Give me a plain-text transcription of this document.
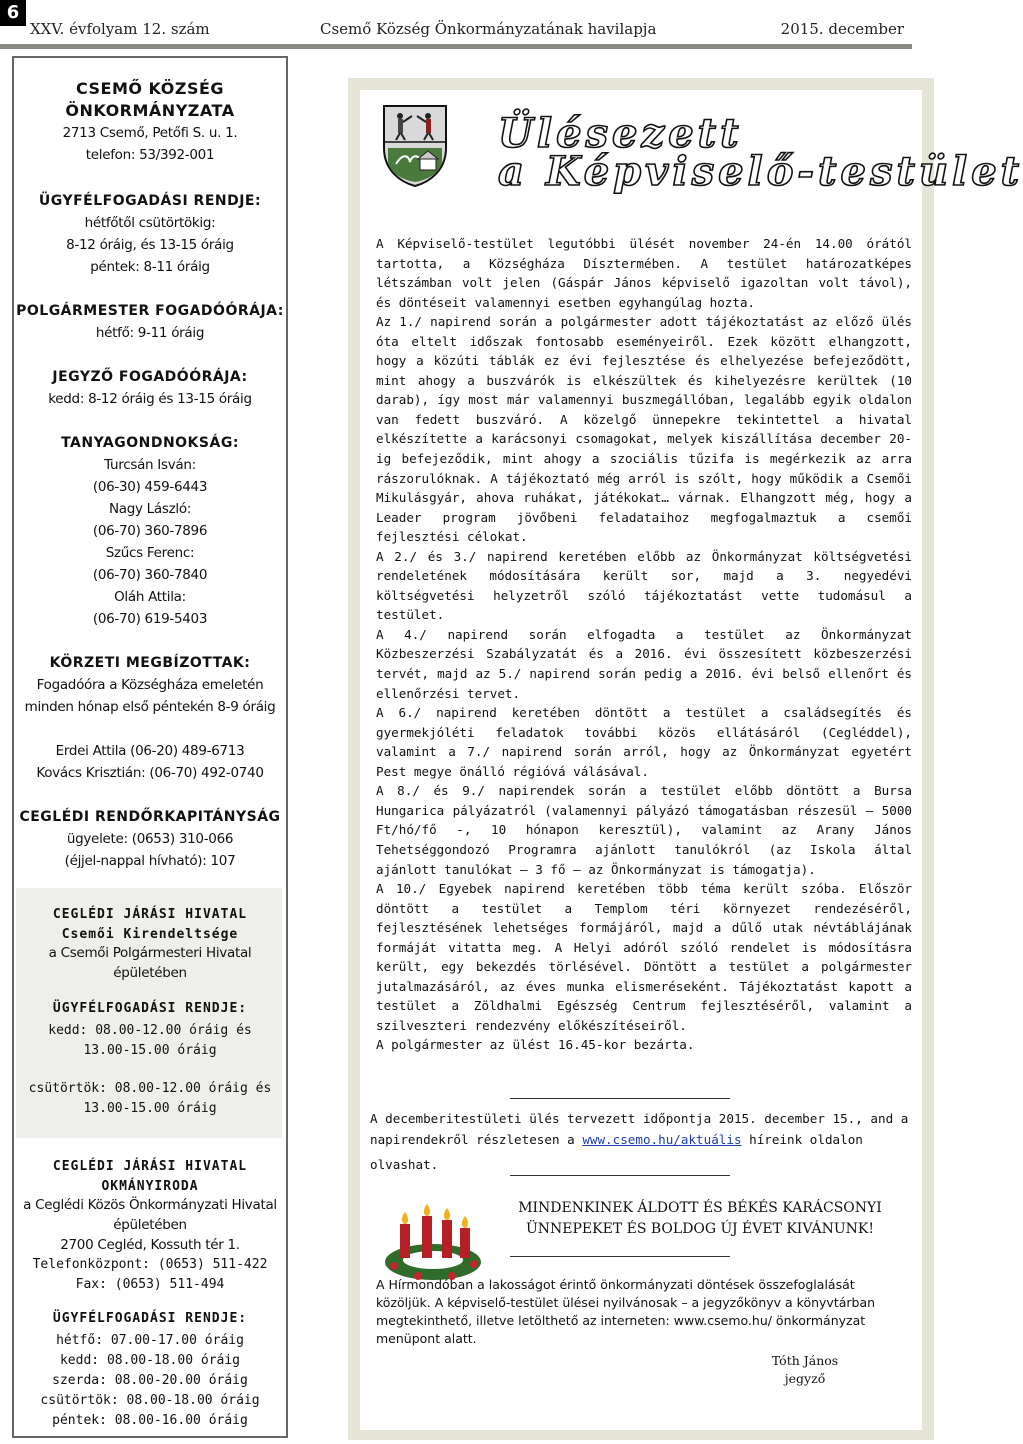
6
XXV. évfolyam 12. szám	Csemő Község Önkormányzatának havilapja	2015. december
CSEMŐ KÖZSÉG
ÖNKORMÁNYZATA
2713 Csemő, Petőfi S. u. 1.
telefon: 53/392-001
ÜGYFÉLFOGADÁSI RENDJE:
hétfőtől csütörtökig:
8-12 óráig, és 13-15 óráig
péntek: 8-11 óráig
POLGÁRMESTER FOGADÓÓRÁJA:
hétfő: 9-11 óráig
JEGYZŐ FOGADÓÓRÁJA:
kedd: 8-12 óráig és 13-15 óráig
TANYAGONDNOKSÁG:
Turcsán Isván:
(06-30) 459-6443
Nagy László:
(06-70) 360-7896
Szűcs Ferenc:
(06-70) 360-7840
Oláh Attila:
(06-70) 619-5403
KÖRZETI MEGBÍZOTTAK:
Fogadóóra a Községháza emeletén
minden hónap első péntekén 8-9 óráig
Erdei Attila (06-20) 489-6713
Kovács Krisztián: (06-70) 492-0740
CEGLÉDI RENDŐRKAPITÁNYSÁG
ügyelete: (0653) 310-066
(éjjel-nappal hívható): 107
CEGLÉDI JÁRÁSI HIVATAL
Csemői Kirendeltsége
a Csemői Polgármesteri Hivatal
épületében
ÜGYFÉLFOGADÁSI RENDJE:
kedd: 08.00-12.00 óráig és
13.00-15.00 óráig
csütörtök: 08.00-12.00 óráig és
13.00-15.00 óráig
CEGLÉDI JÁRÁSI HIVATAL
OKMÁNYIRODA
a Ceglédi Közös Önkormányzati Hivatal
épületében
2700 Cegléd, Kossuth tér 1.
Telefonközpont: (0653) 511-422
Fax: (0653) 511-494
ÜGYFÉLFOGADÁSI RENDJE:
hétfő: 07.00-17.00 óráig
kedd: 08.00-18.00 óráig
szerda: 08.00-20.00 óráig
csütörtök: 08.00-18.00 óráig
péntek: 08.00-16.00 óráig
Ülésezett
a Képviselő-testület

A Képviselő-testület legutóbbi ülését november 24-én 14.00 órától tartotta, a Községháza Dísztermében. A testület határozatképes létszámban volt jelen (Gáspár János képviselő igazoltan volt távol), és döntéseit valamennyi esetben egyhangúlag hozta.

Az 1./ napirend során a polgármester adott tájékoztatást az előző ülés óta eltelt időszak fontosabb eseményeiről. Ezek között elhangzott, hogy a közúti táblák ez évi fejlesztése és elhelyezése befejeződött, mint ahogy a buszvárók is elkészültek és kihelyezésre kerültek (10 darab), így most már valamennyi buszmegállóban, legalább egyik oldalon van fedett buszváró. A közelgő ünnepekre tekintettel a hivatal elkészítette a karácsonyi csomagokat, melyek kiszállítása december 20-ig befejeződik, mint ahogy a szociális tűzifa is megérkezik az arra rászorulóknak. A tájékoztató még arról is szólt, hogy működik a Csemői Mikulásgyár, ahova ruhákat, játékokat… várnak. Elhangzott még, hogy a Leader program jövőbeni feladataihoz megfogalmaztuk a csemői fejlesztési célokat.

A 2./ és 3./ napirend keretében előbb az Önkormányzat költségvetési rendeletének módosítására került sor, majd a 3. negyedévi költségvetési helyzetről szóló tájékoztatást vette tudomásul a testület.

A 4./ napirend során elfogadta a testület az Önkormányzat Közbeszerzési Szabályzatát és a 2016. évi összesített közbeszerzési tervét, majd az 5./ napirend során pedig a 2016. évi belső ellenőrt és ellenőrzési tervet.

A 6./ napirend keretében döntött a testület a családsegítés és gyermekjóléti feladatok további közös ellátásáról (Cegléddel), valamint a 7./ napirend során arról, hogy az Önkormányzat egyetért Pest megye önálló régióvá válásával.

A 8./ és 9./ napirendek során a testület előbb döntött a Bursa Hungarica pályázatról (valamennyi pályázó támogatásban részesül – 5000 Ft/hó/fő -, 10 hónapon keresztül), valamint az Arany János Tehetséggondozó Programra ajánlott tanulókról (az Iskola által ajánlott tanulókat – 3 fő – az Önkormányzat is támogatja).

A 10./ Egyebek napirend keretében több téma került szóba. Először döntött a testület a Templom téri környezet rendezéséről, fejlesztésének lehetséges formájáról, majd a dűlő utak névtáblájának formáját vitatta meg. A Helyi adóról szóló rendelet is módosításra került, egy bekezdés törlésével. Döntött a testület a polgármester jutalmazásáról, az éves munka elismeréseként. Tájékoztatást kapott a testület a Zöldhalmi Egészség Centrum fejlesztéséről, valamint a szilveszteri rendezvény előkészítéseiről.

A polgármester az ülést 16.45-kor bezárta.

A decemberitestületi ülés tervezett időpontja 2015. december 15., and a
napirendekről részletesen a www.csemo.hu/aktuális híreink oldalon
olvashat.
MINDENKINEK ÁLDOTT ÉS BÉKÉS KARÁCSONYI
ÜNNEPEKET ÉS BOLDOG ÚJ ÉVET KIVÁNUNK!
A Hírmondóban a lakosságot érintő önkormányzati döntések összefoglalását közöljük. A képviselő-testület ülései nyilvánosak – a jegyzőkönyv a könyvtárban megtekinthető, illetve letölthető az interneten: www.csemo.hu/ önkormányzat menüpont alatt.
Tóth János
jegyző
